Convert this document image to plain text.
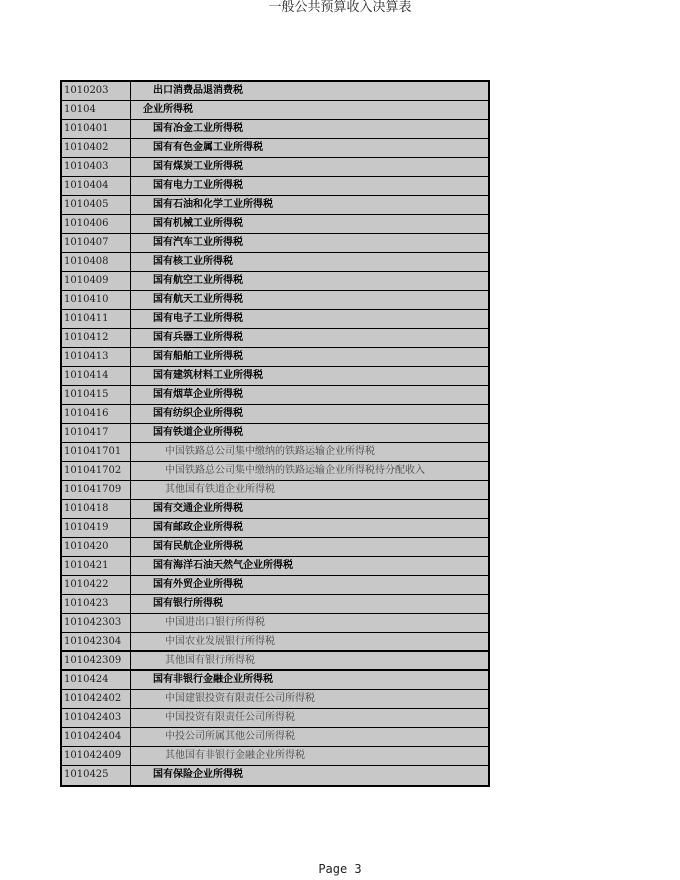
一般公共预算收入决算表
1010203	出口消费品退消费税
10104	企业所得税
1010401	国有冶金工业所得税
1010402	国有有色金属工业所得税
1010403	国有煤炭工业所得税
1010404	国有电力工业所得税
1010405	国有石油和化学工业所得税
1010406	国有机械工业所得税
1010407	国有汽车工业所得税
1010408	国有核工业所得税
1010409	国有航空工业所得税
1010410	国有航天工业所得税
1010411	国有电子工业所得税
1010412	国有兵器工业所得税
1010413	国有船舶工业所得税
1010414	国有建筑材料工业所得税
1010415	国有烟草企业所得税
1010416	国有纺织企业所得税
1010417	国有铁道企业所得税
101041701	中国铁路总公司集中缴纳的铁路运输企业所得税
101041702	中国铁路总公司集中缴纳的铁路运输企业所得税待分配收入
101041709	其他国有铁道企业所得税
1010418	国有交通企业所得税
1010419	国有邮政企业所得税
1010420	国有民航企业所得税
1010421	国有海洋石油天然气企业所得税
1010422	国有外贸企业所得税
1010423	国有银行所得税
101042303	中国进出口银行所得税
101042304	中国农业发展银行所得税
101042309	其他国有银行所得税
1010424	国有非银行金融企业所得税
101042402	中国建银投资有限责任公司所得税
101042403	中国投资有限责任公司所得税
101042404	中投公司所属其他公司所得税
101042409	其他国有非银行金融企业所得税
1010425	国有保险企业所得税
Page 3
